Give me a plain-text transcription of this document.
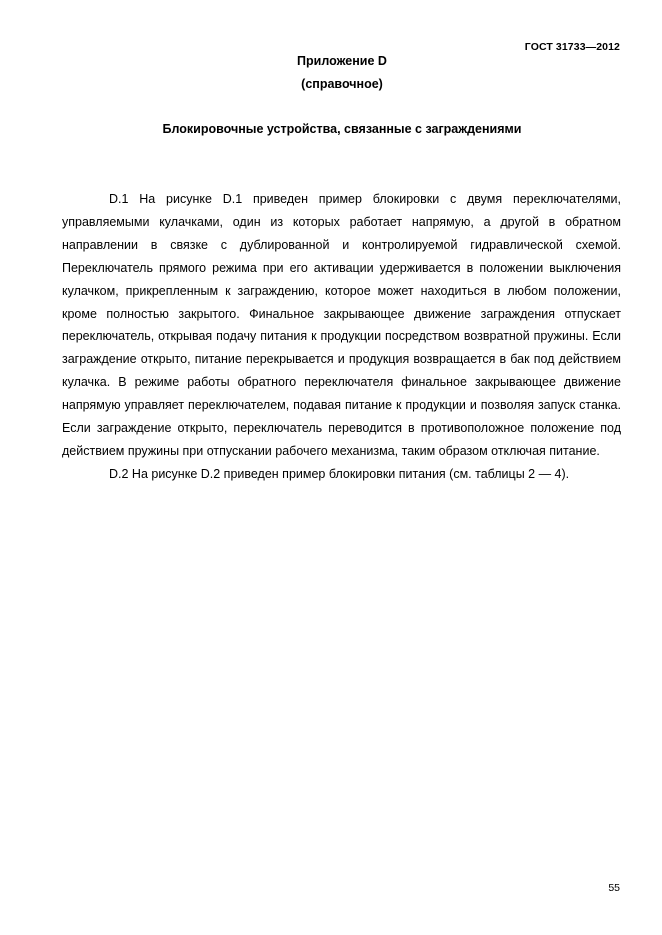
ГОСТ 31733—2012
Приложение D
(справочное)
Блокировочные устройства, связанные с заграждениями

D.1 На рисунке D.1 приведен пример блокировки с двумя переключателями, управляемыми кулачками, один из которых работает напрямую, а другой в обратном направлении в связке с дублированной и контролируемой гидравлической схемой. Переключатель прямого режима при его активации удерживается в положении выключения кулачком, прикрепленным к заграждению, которое может находиться в любом положении, кроме полностью закрытого. Финальное закрывающее движение заграждения отпускает переключатель, открывая подачу питания к продукции посредством возвратной пружины. Если заграждение открыто, питание перекрывается и продукция возвращается в бак под действием кулачка. В режиме работы обратного переключателя финальное закрывающее движение напрямую управляет переключателем, подавая питание к продукции и позволяя запуск станка. Если заграждение открыто, переключатель переводится в противоположное положение под действием пружины при отпускании рабочего механизма, таким образом отключая питание.

D.2 На рисунке D.2 приведен пример блокировки питания (см. таблицы 2 — 4).

55
